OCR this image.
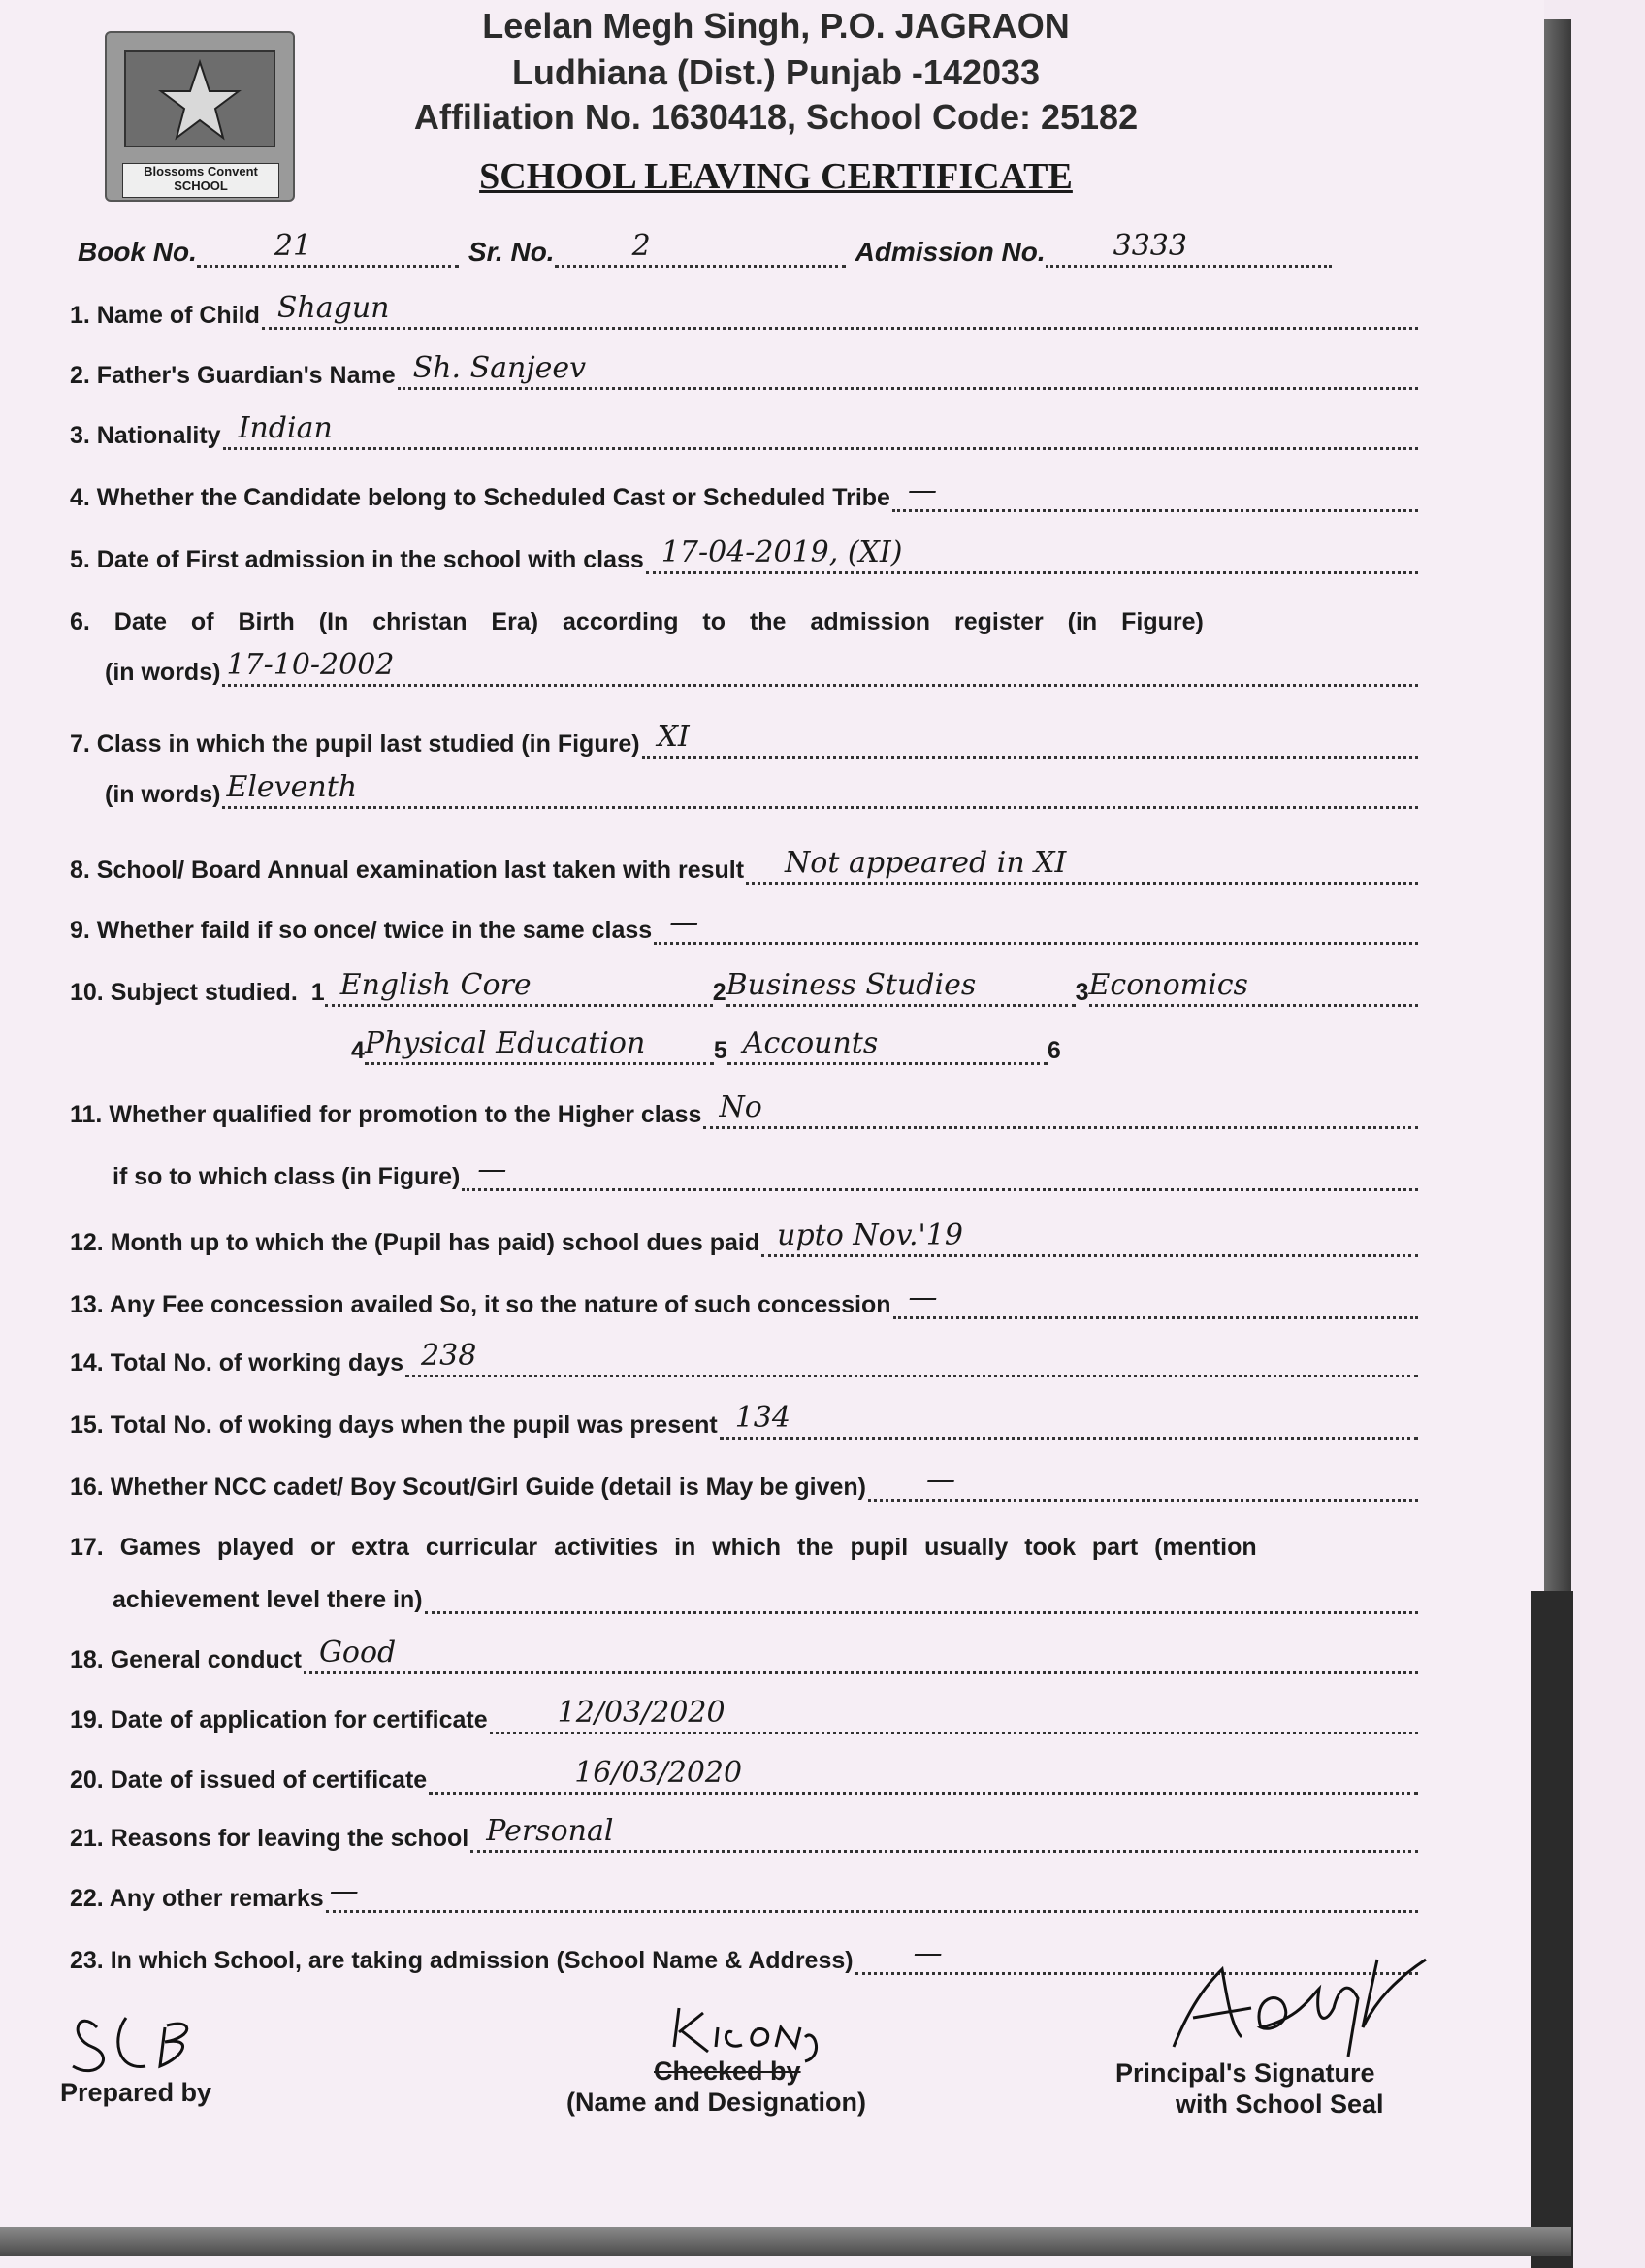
Blossoms Convent SCHOOL
Leelan Megh Singh, P.O. JAGRAON
Ludhiana (Dist.) Punjab -142033
Affiliation No. 1630418, School Code: 25182
SCHOOL LEAVING CERTIFICATE
Book No.	21	Sr. No.	2	Admission No. 3333
1. Name of Child Shagun
2. Father's Guardian's Name Sh. Sanjeev
3. Nationality Indian
4. Whether the Candidate belong to Scheduled Cast or Scheduled Tribe —
5. Date of First admission in the school with class 17-04-2019, (XI)
6. Date of Birth (In christan Era) according to the admission register (in Figure)
(in words) 17-10-2002
7. Class in which the pupil last studied (in Figure) XI
(in words) Eleventh
8. School/ Board Annual examination last taken with result Not appeared in XI
9. Whether faild if so once/ twice in the same class —
10. Subject studied. 1 English Core	2 Business Studies	3 Economics
4 Physical Education	5 Accounts	6
11. Whether qualified for promotion to the Higher class No
if so to which class (in Figure) —
12. Month up to which the (Pupil has paid) school dues paid upto Nov.'19
13. Any Fee concession availed So, it so the nature of such concession —
14. Total No. of working days 238
15. Total No. of woking days when the pupil was present 134
16. Whether NCC cadet/ Boy Scout/Girl Guide (detail is May be given) —
17. Games played or extra curricular activities in which the pupil usually took part (mention
achievement level there in)
18. General conduct Good
19. Date of application for certificate 12/03/2020
20. Date of issued of certificate	16/03/2020
21. Reasons for leaving the school Personal
22. Any other remarks —
23. In which School, are taking admission (School Name & Address) —
Prepared by
Checked by
(Name and Designation)
Principal's Signature
with School Seal
